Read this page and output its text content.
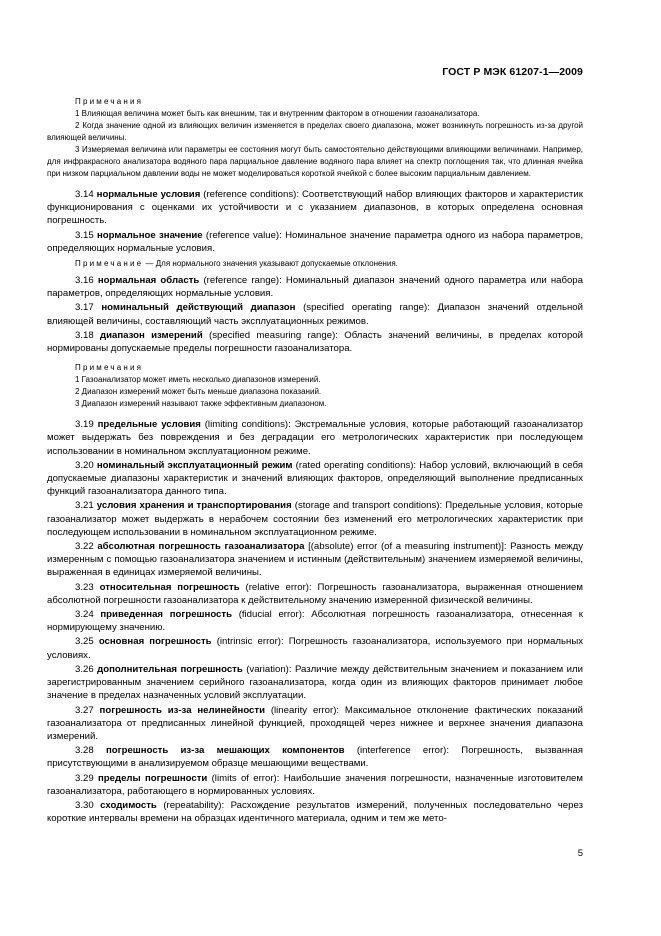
ГОСТ Р МЭК 61207-1—2009
Примечания
1 Влияющая величина может быть как внешним, так и внутренним фактором в отношении газоанализатора.
2 Когда значение одной из влияющих величин изменяется в пределах своего диапазона, может возникнуть погрешность из-за другой влияющей величины.
3 Измеряемая величина или параметры ее состояния могут быть самостоятельно действующими влияющими величинами. Например, для инфракрасного анализатора водяного пара парциальное давление водяного пара влияет на спектр поглощения так, что длинная ячейка при низком парциальном давлении воды не может моделироваться короткой ячейкой с более высоким парциальным давлением.
3.14 нормальные условия (reference conditions): Соответствующий набор влияющих факторов и характеристик функционирования с оценками их устойчивости и с указанием диапазонов, в которых определена основная погрешность.
3.15 нормальное значение (reference value): Номинальное значение параметра одного из набора параметров, определяющих нормальные условия.
Примечание — Для нормального значения указывают допускаемые отклонения.
3.16 нормальная область (reference range): Номинальный диапазон значений одного параметра или набора параметров, определяющих нормальные условия.
3.17 номинальный действующий диапазон (specified operating range): Диапазон значений отдельной влияющей величины, составляющий часть эксплуатационных режимов.
3.18 диапазон измерений (specified measuring range): Область значений величины, в пределах которой нормированы допускаемые пределы погрешности газоанализатора.
Примечания
1 Газоанализатор может иметь несколько диапазонов измерений.
2 Диапазон измерений может быть меньше диапазона показаний.
3 Диапазон измерений называют также эффективным диапазоном.
3.19 предельные условия (limiting conditions): Экстремальные условия, которые работающий газоанализатор может выдержать без повреждения и без деградации его метрологических характеристик при последующем использовании в номинальном эксплуатационном режиме.
3.20 номинальный эксплуатационный режим (rated operating conditions): Набор условий, включающий в себя допускаемые диапазоны характеристик и значений влияющих факторов, определяющий выполнение предписанных функций газоанализатора данного типа.
3.21 условия хранения и транспортирования (storage and transport conditions): Предельные условия, которые газоанализатор может выдержать в нерабочем состоянии без изменений его метрологических характеристик при последующем использовании в номинальном эксплуатационном режиме.
3.22 абсолютная погрешность газоанализатора [(absolute) error (of a measuring instrument)]: Разность между измеренным с помощью газоанализатора значением и истинным (действительным) значением измеряемой величины, выраженная в единицах измеряемой величины.
3.23 относительная погрешность (relative error): Погрешность газоанализатора, выраженная отношением абсолютной погрешности газоанализатора к действительному значению измеренной физической величины.
3.24 приведенная погрешность (fiducial error): Абсолютная погрешность газоанализатора, отнесенная к нормирующему значению.
3.25 основная погрешность (intrinsic error): Погрешность газоанализатора, используемого при нормальных условиях.
3.26 дополнительная погрешность (variation): Различие между действительным значением и показанием или зарегистрированным значением серийного газоанализатора, когда один из влияющих факторов принимает любое значение в пределах назначенных условий эксплуатации.
3.27 погрешность из-за нелинейности (linearity error): Максимальное отклонение фактических показаний газоанализатора от предписанных линейной функцией, проходящей через нижнее и верхнее значения диапазона измерений.
3.28 погрешность из-за мешающих компонентов (interference error): Погрешность, вызванная присутствующими в анализируемом образце мешающими веществами.
3.29 пределы погрешности (limits of error): Наибольшие значения погрешности, назначенные изготовителем газоанализатора, работающего в нормированных условиях.
3.30 сходимость (repeatability): Расхождение результатов измерений, полученных последовательно через короткие интервалы времени на образцах идентичного материала, одним и тем же мето-
5
